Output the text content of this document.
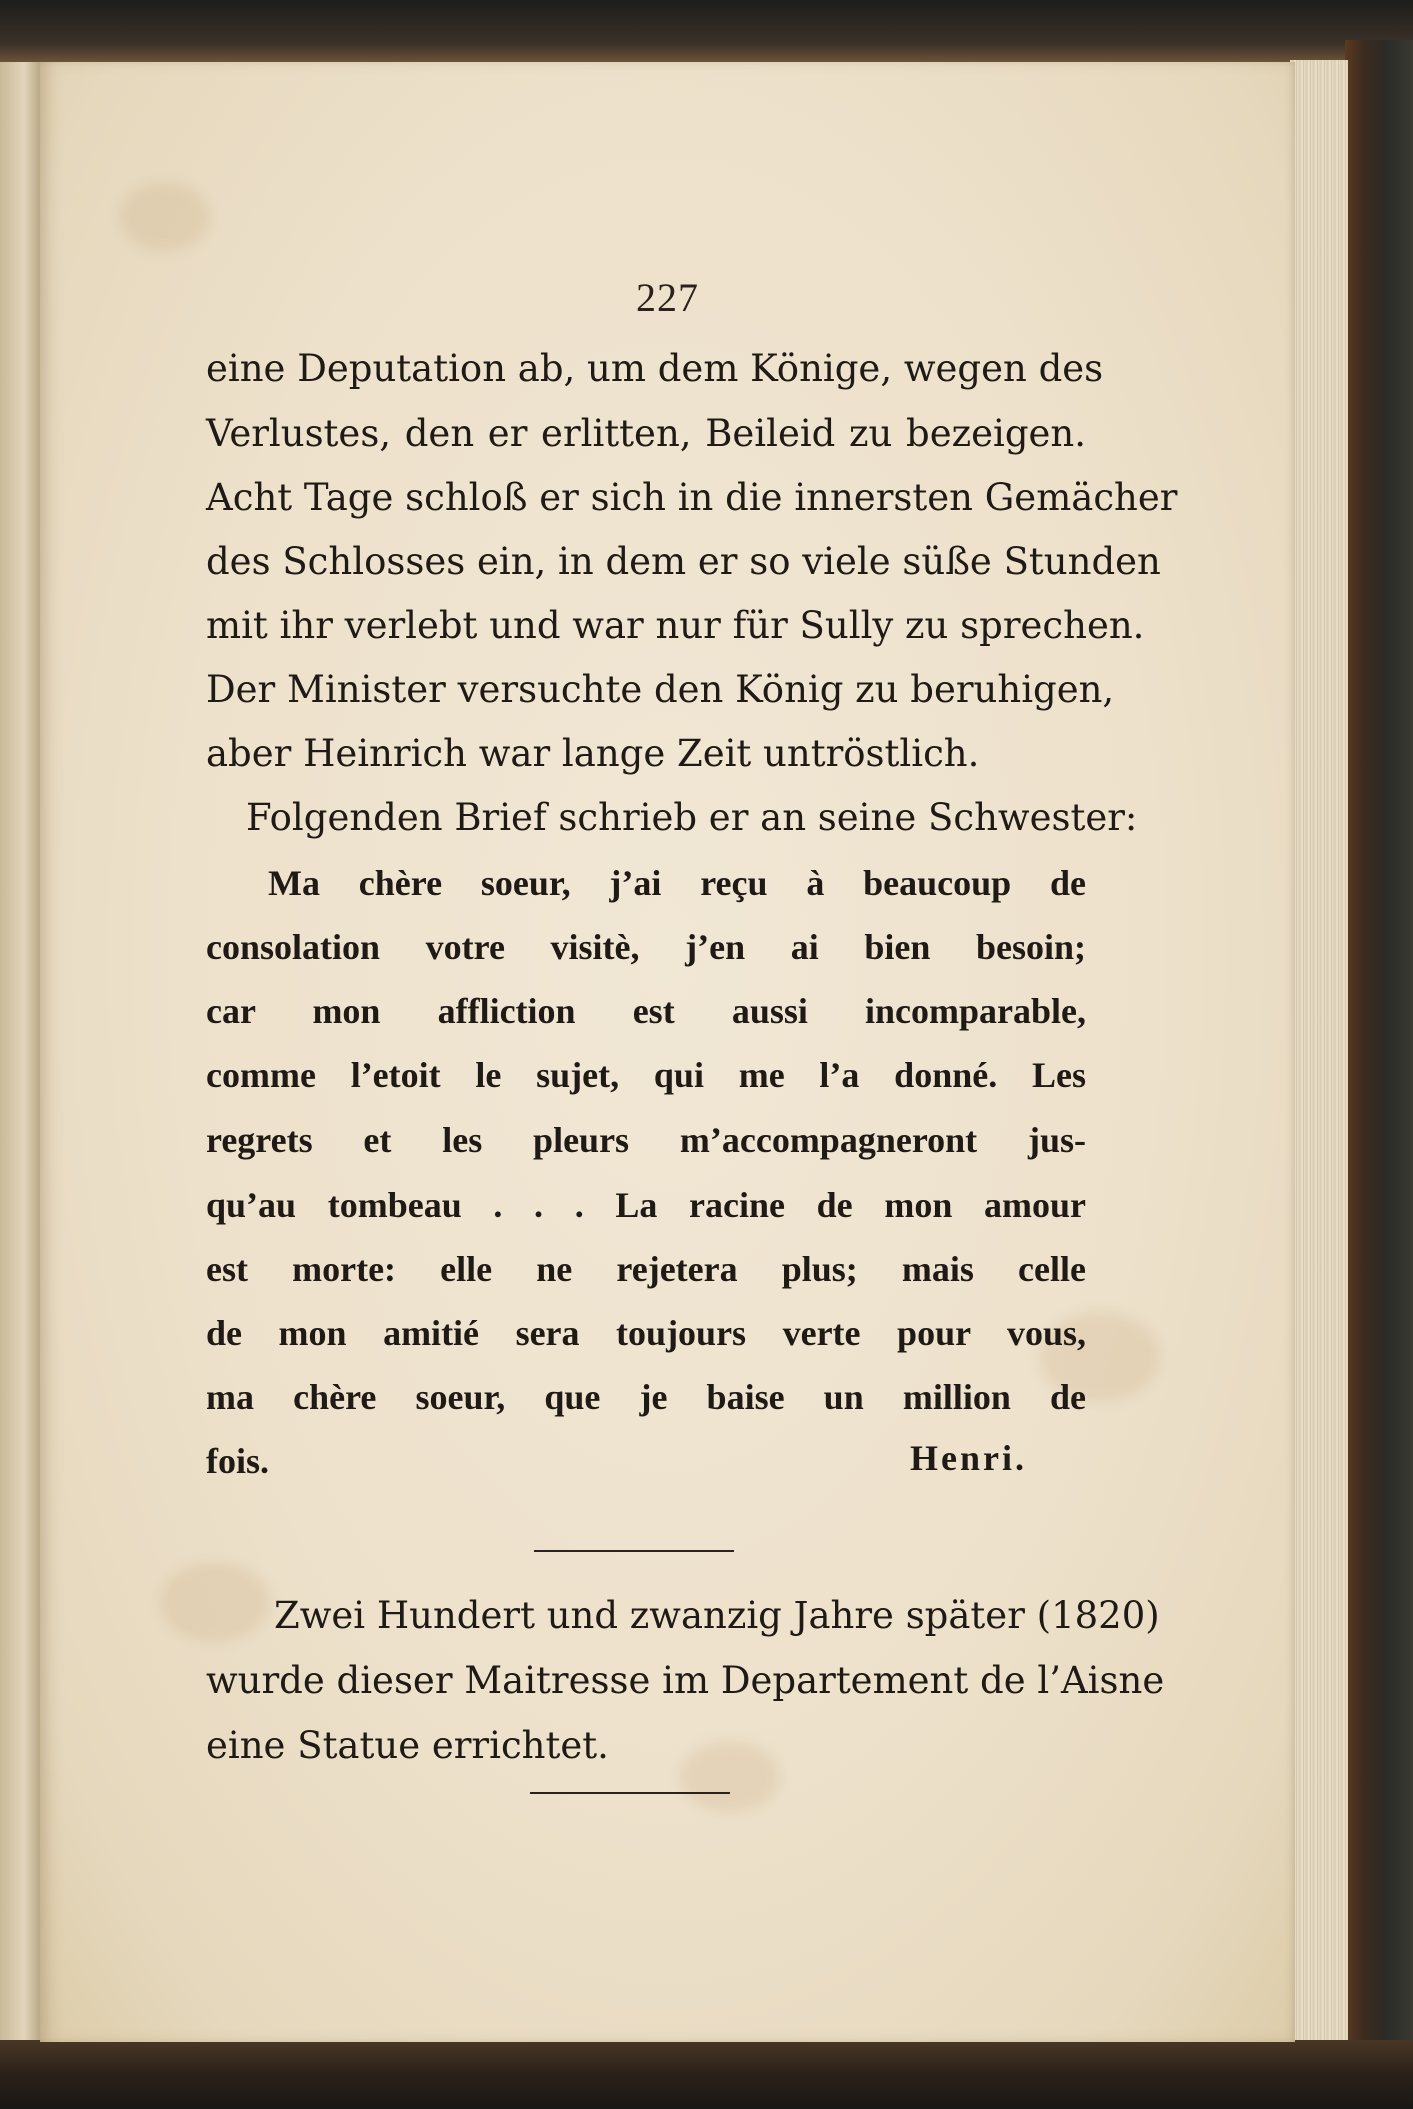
227
eine Deputation ab, um dem Könige, wegen des
Verlustes, den er erlitten, Beileid zu bezeigen.
Acht Tage schloß er sich in die innersten Gemächer
des Schlosses ein, in dem er so viele süße Stunden
mit ihr verlebt und war nur für Sully zu sprechen.
Der Minister versuchte den König zu beruhigen,
aber Heinrich war lange Zeit untröstlich.
Folgenden Brief schrieb er an seine Schwester:
Ma chère soeur, j’ai reçu à beaucoup de
consolation votre visitè, j’en ai bien besoin;
car mon affliction est aussi incomparable,
comme l’etoit le sujet, qui me l’a donné. Les
regrets et les pleurs m’accompagneront jus-
qu’au tombeau . . . La racine de mon amour
est morte: elle ne rejetera plus; mais celle
de mon amitié sera toujours verte pour vous,
ma chère soeur, que je baise un million de
fois.	Henri.
Zwei Hundert und zwanzig Jahre später (1820)
wurde dieser Maitresse im Departement de l’Aisne
eine Statue errichtet.
